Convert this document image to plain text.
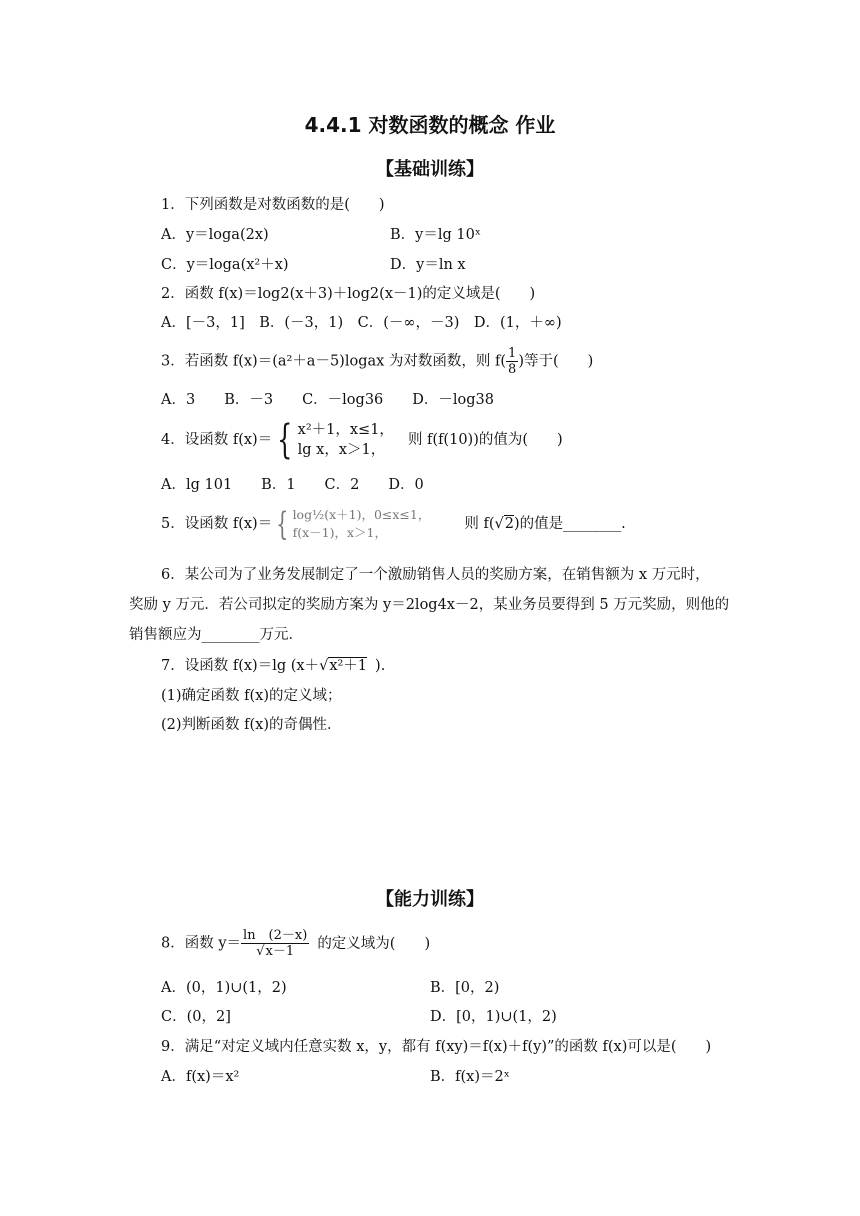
4.4.1 对数函数的概念 作业
【基础训练】
1．下列函数是对数函数的是(　　)
A．y＝loga(2x)	B．y＝lg 10ˣ
C．y＝loga(x²＋x)	D．y＝ln x
2．函数 f(x)＝log2(x＋3)＋log2(x－1)的定义域是(　　)
A．[－3，1]　B．(－3，1)　C．(－∞，－3)　D．(1，＋∞)
3．若函数 f(x)＝(a²＋a－5)logax 为对数函数，则 $f( \frac{1}{8}$ )等于(　　)
A．3　　B．－3　　C．－log36　　D．－log38
4．设函数 f(x)＝ { x²＋1，x≤1，
lg x，x＞1，
则 f(f(10))的值为(　　)
A．lg 101　　B．1　　C．2　　D．0
5．设函数 f(x)＝ { log½(x＋1)，0≤x≤1，
f(x－1)，x＞1，
则 f(√2)的值是________.
6．某公司为了业务发展制定了一个激励销售人员的奖励方案，在销售额为 x 万元时，
奖励 y 万元．若公司拟定的奖励方案为 y＝2log4x－2，某业务员要得到 5 万元奖励，则他的
销售额应为________万元．
7．设函数 f(x)＝lg (x＋√x²＋1 ).
(1)确定函数 f(x)的定义域；
(2)判断函数 f(x)的奇偶性．
【能力训练】
8．函数 $y= \frac{\ln (2-x)}{√x-1}$ 的定义域为(　　)
A．(0，1)∪(1，2)	B．[0，2)
C．(0，2]	D．[0，1)∪(1，2)
9．满足“对定义域内任意实数 x，y，都有 f(xy)＝f(x)＋f(y)”的函数 f(x)可以是(　　)
A．f(x)＝x²	B．f(x)＝2ˣ
